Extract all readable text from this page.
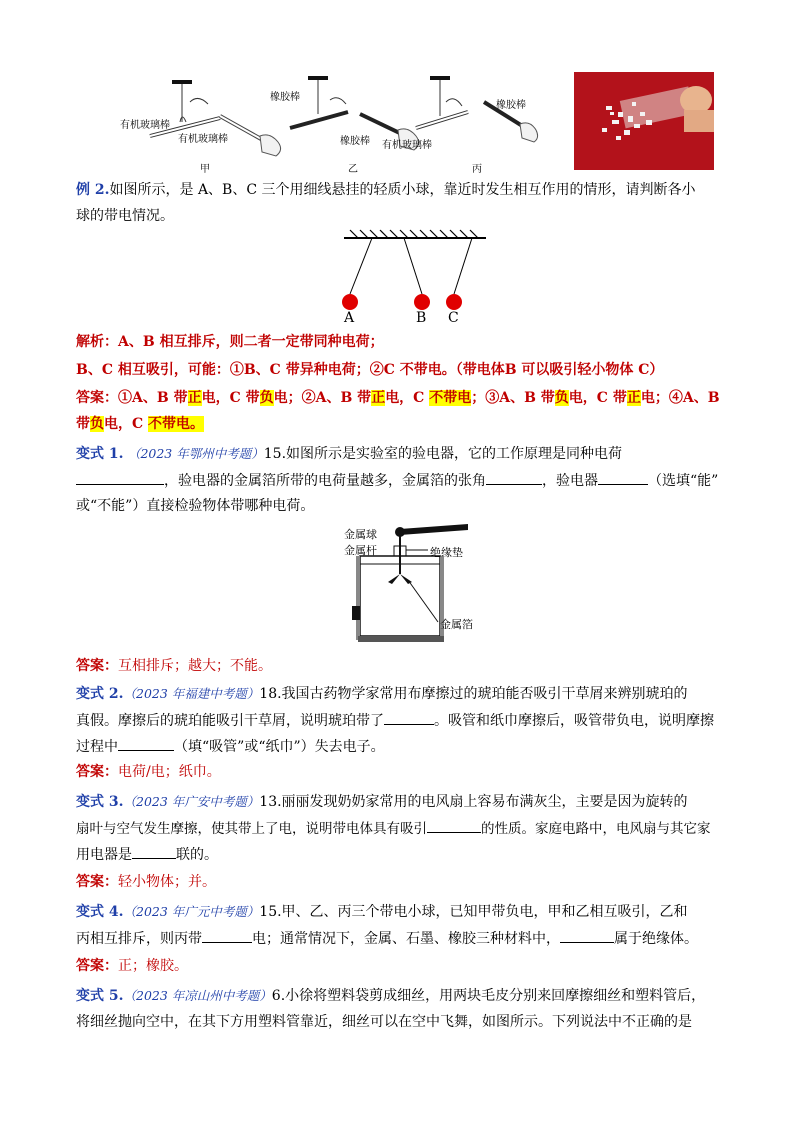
有机玻璃棒
有机玻璃棒
甲
橡胶棒
橡胶棒
乙
有机玻璃棒
橡胶棒
丙
例 2.如图所示，是 A、B、C 三个用细线悬挂的轻质小球，靠近时发生相互作用的情形，请判断各小
球的带电情况。
A	B C
解析：A、B 相互排斥，则二者一定带同种电荷；
B、C 相互吸引，可能：①B、C 带异种电荷；②C 不带电。（带电体B 可以吸引轻小物体 C）
答案：①A、B 带正电，C 带负电；②A、B 带正电，C 不带电；③A、B 带负电，C 带正电；④A、B
带负电，C 不带电。
变式 1. （2023 年鄂州中考题）15.如图所示是实验室的验电器，它的工作原理是同种电荷
，验电器的金属箔所带的电荷量越多，金属箔的张角	，验电器	（选填“能”
或“不能”）直接检验物体带哪种电荷。
金属球
金属杆	绝缘垫
金属箔
答案：互相排斥；越大；不能。
变式 2.（2023 年福建中考题）18.我国古药物学家常用布摩擦过的琥珀能否吸引干草屑来辨别琥珀的
真假。摩擦后的琥珀能吸引干草屑，说明琥珀带了	。吸管和纸巾摩擦后，吸管带负电，说明摩擦
过程中	（填“吸管”或“纸巾”）失去电子。
答案：电荷/电；纸巾。
变式 3.（2023 年广安中考题）13.丽丽发现奶奶家常用的电风扇上容易布满灰尘，主要是因为旋转的
扇叶与空气发生摩擦，使其带上了电，说明带电体具有吸引	的性质。家庭电路中，电风扇与其它家
用电器是	联的。
答案：轻小物体；并。
变式 4.（2023 年广元中考题）15.甲、乙、丙三个带电小球，已知甲带负电，甲和乙相互吸引，乙和
丙相互排斥，则丙带	电；通常情况下，金属、石墨、橡胶三种材料中，	属于绝缘体。
答案：正；橡胶。
变式 5.（2023 年凉山州中考题）6.小徐将塑料袋剪成细丝，用两块毛皮分别来回摩擦细丝和塑料管后，
将细丝抛向空中，在其下方用塑料管靠近，细丝可以在空中飞舞，如图所示。下列说法中不正确的是
